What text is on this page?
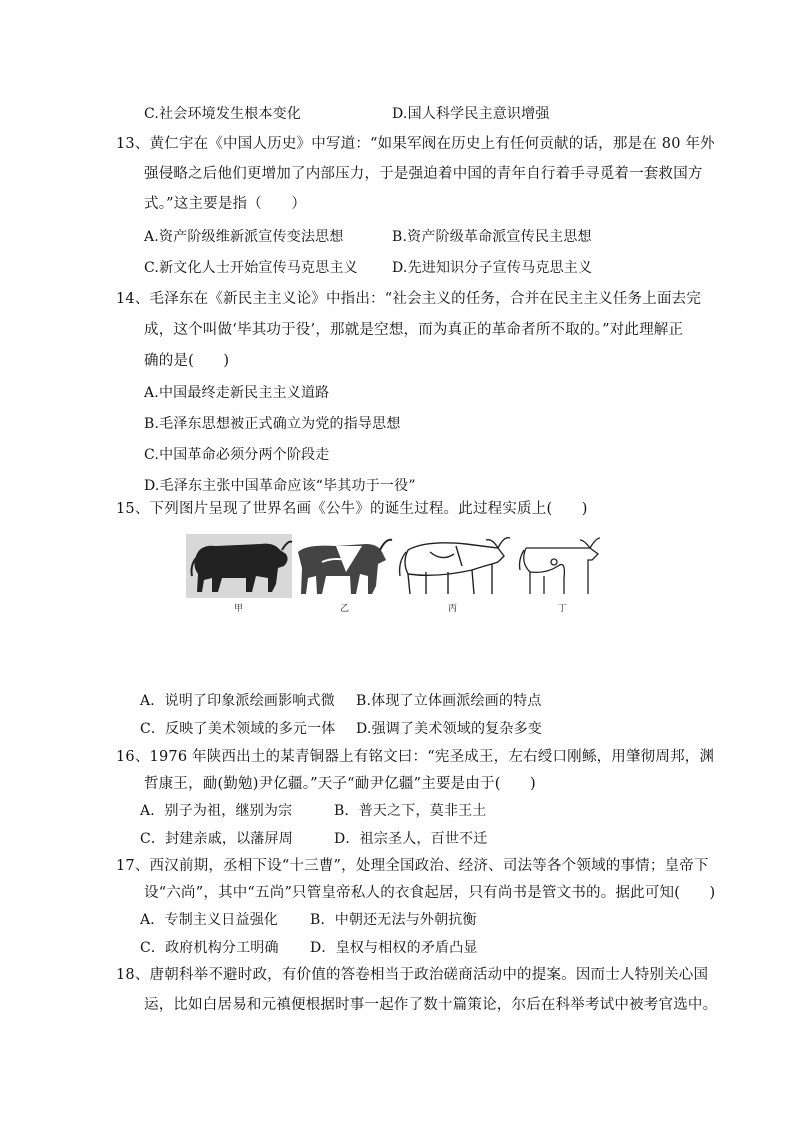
C.社会环境发生根本变化	D.国人科学民主意识增强
13、黄仁宇在《中国人历史》中写道：“如果军阀在历史上有任何贡献的话，那是在 80 年外
强侵略之后他们更增加了内部压力，于是强迫着中国的青年自行着手寻觅着一套救国方
式。”这主要是指（　　）
A.资产阶级维新派宣传变法思想	B.资产阶级革命派宣传民主思想
C.新文化人士开始宣传马克思主义 D.先进知识分子宣传马克思主义
14、毛泽东在《新民主主义论》中指出：“社会主义的任务，合并在民主主义任务上面去完
成，这个叫做‘毕其功于役’，那就是空想，而为真正的革命者所不取的。”对此理解正
确的是(　　)
A.中国最终走新民主主义道路
B.毛泽东思想被正式确立为党的指导思想
C.中国革命必须分两个阶段走
D.毛泽东主张中国革命应该“毕其功于一役”
15、下列图片呈现了世界名画《公牛》的诞生过程。此过程实质上(　　)
甲	乙	丙	丁
A．说明了印象派绘画影响式微 B.体现了立体画派绘画的特点
C．反映了美术领域的多元一体 D.强调了美术领域的复杂多变
16、1976 年陕西出土的某青铜器上有铭文曰：“宪圣成王，左右绶口刚鲧，用肇彻周邦，渊
哲康王，勔(勤勉)尹亿疆。”天子“勔尹亿疆”主要是由于(　　)
A．别子为祖，继别为宗	B．普天之下，莫非王土
C．封建亲戚，以藩屏周	D．祖宗圣人，百世不迁
17、西汉前期，丞相下设“十三曹”，处理全国政治、经济、司法等各个领域的事情；皇帝下
设“六尚”，其中“五尚”只管皇帝私人的衣食起居，只有尚书是管文书的。据此可知(　　)
A．专制主义日益强化 B．中朝还无法与外朝抗衡
C．政府机构分工明确 D．皇权与相权的矛盾凸显
18、唐朝科举不避时政，有价值的答卷相当于政治磋商活动中的提案。因而士人特别关心国
运，比如白居易和元禛便根据时事一起作了数十篇策论，尔后在科举考试中被考官选中。
